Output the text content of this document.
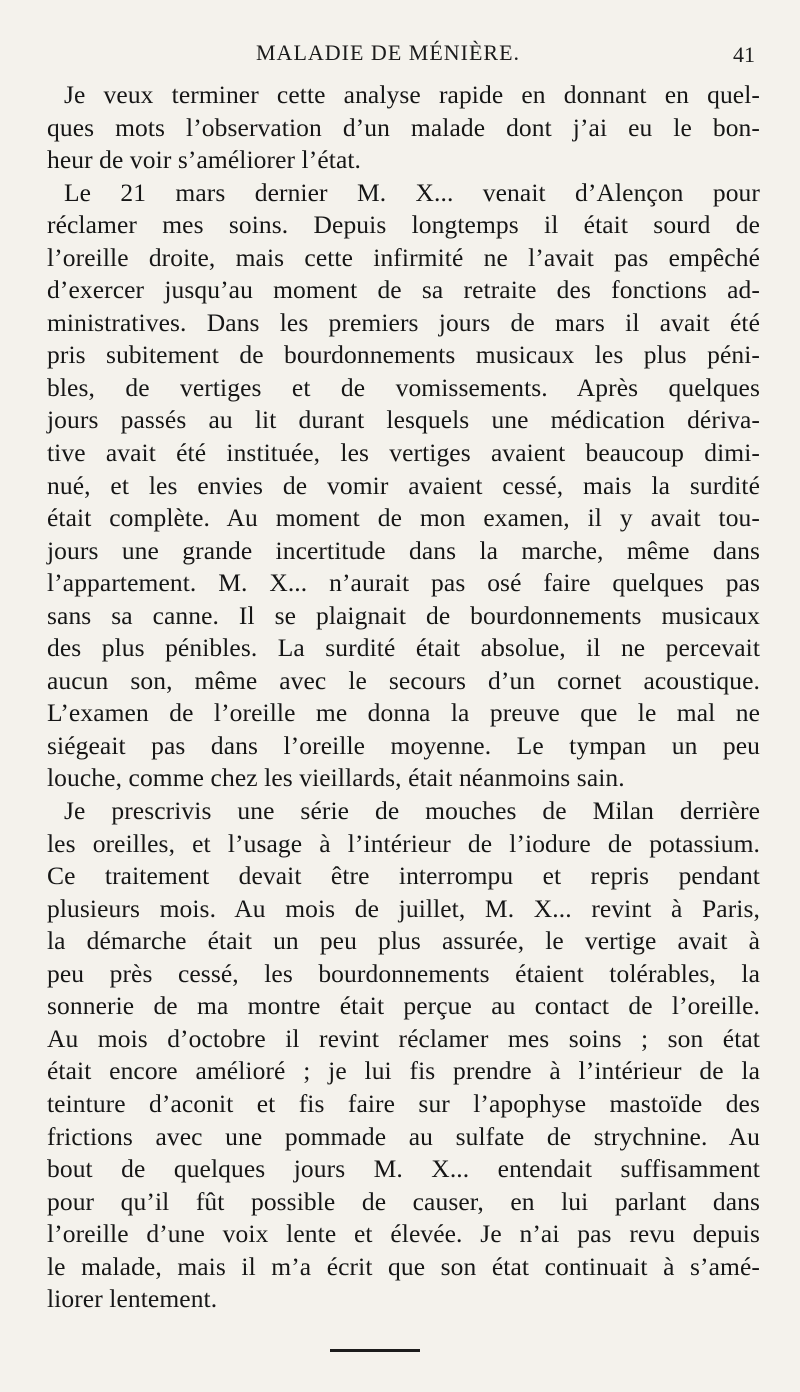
MALADIE DE MÉNIÈRE.	41
Je veux terminer cette analyse rapide en donnant en quel-
ques mots l’observation d’un malade dont j’ai eu le bon-
heur de voir s’améliorer l’état.
Le 21 mars dernier M. X... venait d’Alençon pour
réclamer mes soins. Depuis longtemps il était sourd de
l’oreille droite, mais cette infirmité ne l’avait pas empêché
d’exercer jusqu’au moment de sa retraite des fonctions ad-
ministratives. Dans les premiers jours de mars il avait été
pris subitement de bourdonnements musicaux les plus péni-
bles, de vertiges et de vomissements. Après quelques
jours passés au lit durant lesquels une médication dériva-
tive avait été instituée, les vertiges avaient beaucoup dimi-
nué, et les envies de vomir avaient cessé, mais la surdité
était complète. Au moment de mon examen, il y avait tou-
jours une grande incertitude dans la marche, même dans
l’appartement. M. X... n’aurait pas osé faire quelques pas
sans sa canne. Il se plaignait de bourdonnements musicaux
des plus pénibles. La surdité était absolue, il ne percevait
aucun son, même avec le secours d’un cornet acoustique.
L’examen de l’oreille me donna la preuve que le mal ne
siégeait pas dans l’oreille moyenne. Le tympan un peu
louche, comme chez les vieillards, était néanmoins sain.
Je prescrivis une série de mouches de Milan derrière
les oreilles, et l’usage à l’intérieur de l’iodure de potassium.
Ce traitement devait être interrompu et repris pendant
plusieurs mois. Au mois de juillet, M. X... revint à Paris,
la démarche était un peu plus assurée, le vertige avait à
peu près cessé, les bourdonnements étaient tolérables, la
sonnerie de ma montre était perçue au contact de l’oreille.
Au mois d’octobre il revint réclamer mes soins ; son état
était encore amélioré ; je lui fis prendre à l’intérieur de la
teinture d’aconit et fis faire sur l’apophyse mastoïde des
frictions avec une pommade au sulfate de strychnine. Au
bout de quelques jours M. X... entendait suffisamment
pour qu’il fût possible de causer, en lui parlant dans
l’oreille d’une voix lente et élevée. Je n’ai pas revu depuis
le malade, mais il m’a écrit que son état continuait à s’amé-
liorer lentement.
